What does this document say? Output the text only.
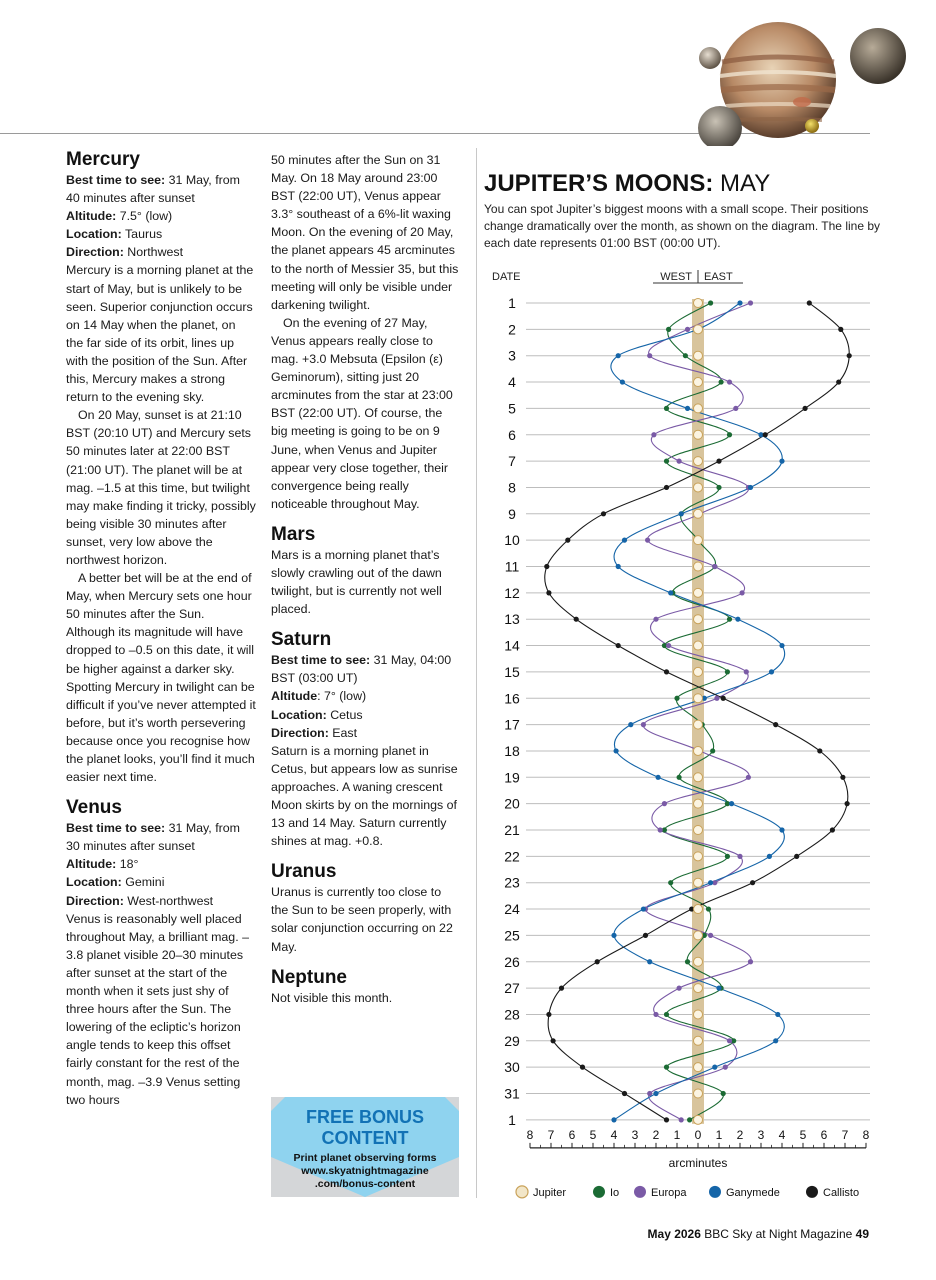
Mercury

Best time to see: 31 May, from 40 minutes after sunset

Altitude: 7.5° (low)

Location: Taurus

Direction: Northwest

Mercury is a morning planet at the start of May, but is unlikely to be seen. Superior conjunction occurs on 14 May when the planet, on the far side of its orbit, lines up with the position of the Sun. After this, Mercury makes a strong return to the evening sky.

On 20 May, sunset is at 21:10 BST (20:10 UT) and Mercury sets 50 minutes later at 22:00 BST (21:00 UT). The planet will be at mag. –1.5 at this time, but twilight may make finding it tricky, possibly being visible 30 minutes after sunset, very low above the northwest horizon.

A better bet will be at the end of May, when Mercury sets one hour 50 minutes after the Sun. Although its magnitude will have dropped to –0.5 on this date, it will be higher against a darker sky. Spotting Mercury in twilight can be difficult if you’ve never attempted it before, but it’s worth persevering because once you recognise how the planet looks, you’ll find it much easier next time.

Venus

Best time to see: 31 May, from 30 minutes after sunset

Altitude: 18°

Location: Gemini

Direction: West-northwest

Venus is reasonably well placed throughout May, a brilliant mag. –3.8 planet visible 20–30 minutes after sunset at the start of the month when it sets just shy of three hours after the Sun. The lowering of the ecliptic’s horizon angle tends to keep this offset fairly constant for the rest of the month, mag. –3.9 Venus setting two hours

50 minutes after the Sun on 31 May. On 18 May around 23:00 BST (22:00 UT), Venus appear 3.3° southeast of a 6%-lit waxing Moon. On the evening of 20 May, the planet appears 45 arcminutes to the north of Messier 35, but this meeting will only be visible under darkening twilight.

On the evening of 27 May, Venus appears really close to mag. +3.0 Mebsuta (Epsilon (ε) Geminorum), sitting just 20 arcminutes from the star at 23:00 BST (22:00 UT). Of course, the big meeting is going to be on 9 June, when Venus and Jupiter appear very close together, their convergence being really noticeable throughout May.

Mars

Mars is a morning planet that’s slowly crawling out of the dawn twilight, but is currently not well placed.

Saturn

Best time to see: 31 May, 04:00 BST (03:00 UT)

Altitude: 7° (low)

Location: Cetus

Direction: East

Saturn is a morning planet in Cetus, but appears low as sunrise approaches. A waning crescent Moon skirts by on the mornings of 13 and 14 May. Saturn currently shines at mag. +0.8.

Uranus

Uranus is currently too close to the Sun to be seen properly, with solar conjunction occurring on 22 May.

Neptune

Not visible this month.

FREE BONUS
CONTENT
Print planet observing forms
www.skyatnightmagazine
.com/bonus-content
JUPITER’S MOONS: MAY
You can spot Jupiter’s biggest moons with a small scope. Their positions change dramatically over the month, as shown on the diagram. The line by each date represents 01:00 BST (00:00 UT).
DATE	WEST EAST
1
2
3
4
5
6
7
8
9
10
11
12
13
14
15
16
17
18
19
20
21
22
23
24
25
26
27
28
29
30
31
1
8 7 6 5 4 3 2 1 0 1 2 3 4 5 6 7 8
arcminutes
Jupiter	Io	Europa	Ganymede	Callisto
May 2026 BBC Sky at Night Magazine 49
